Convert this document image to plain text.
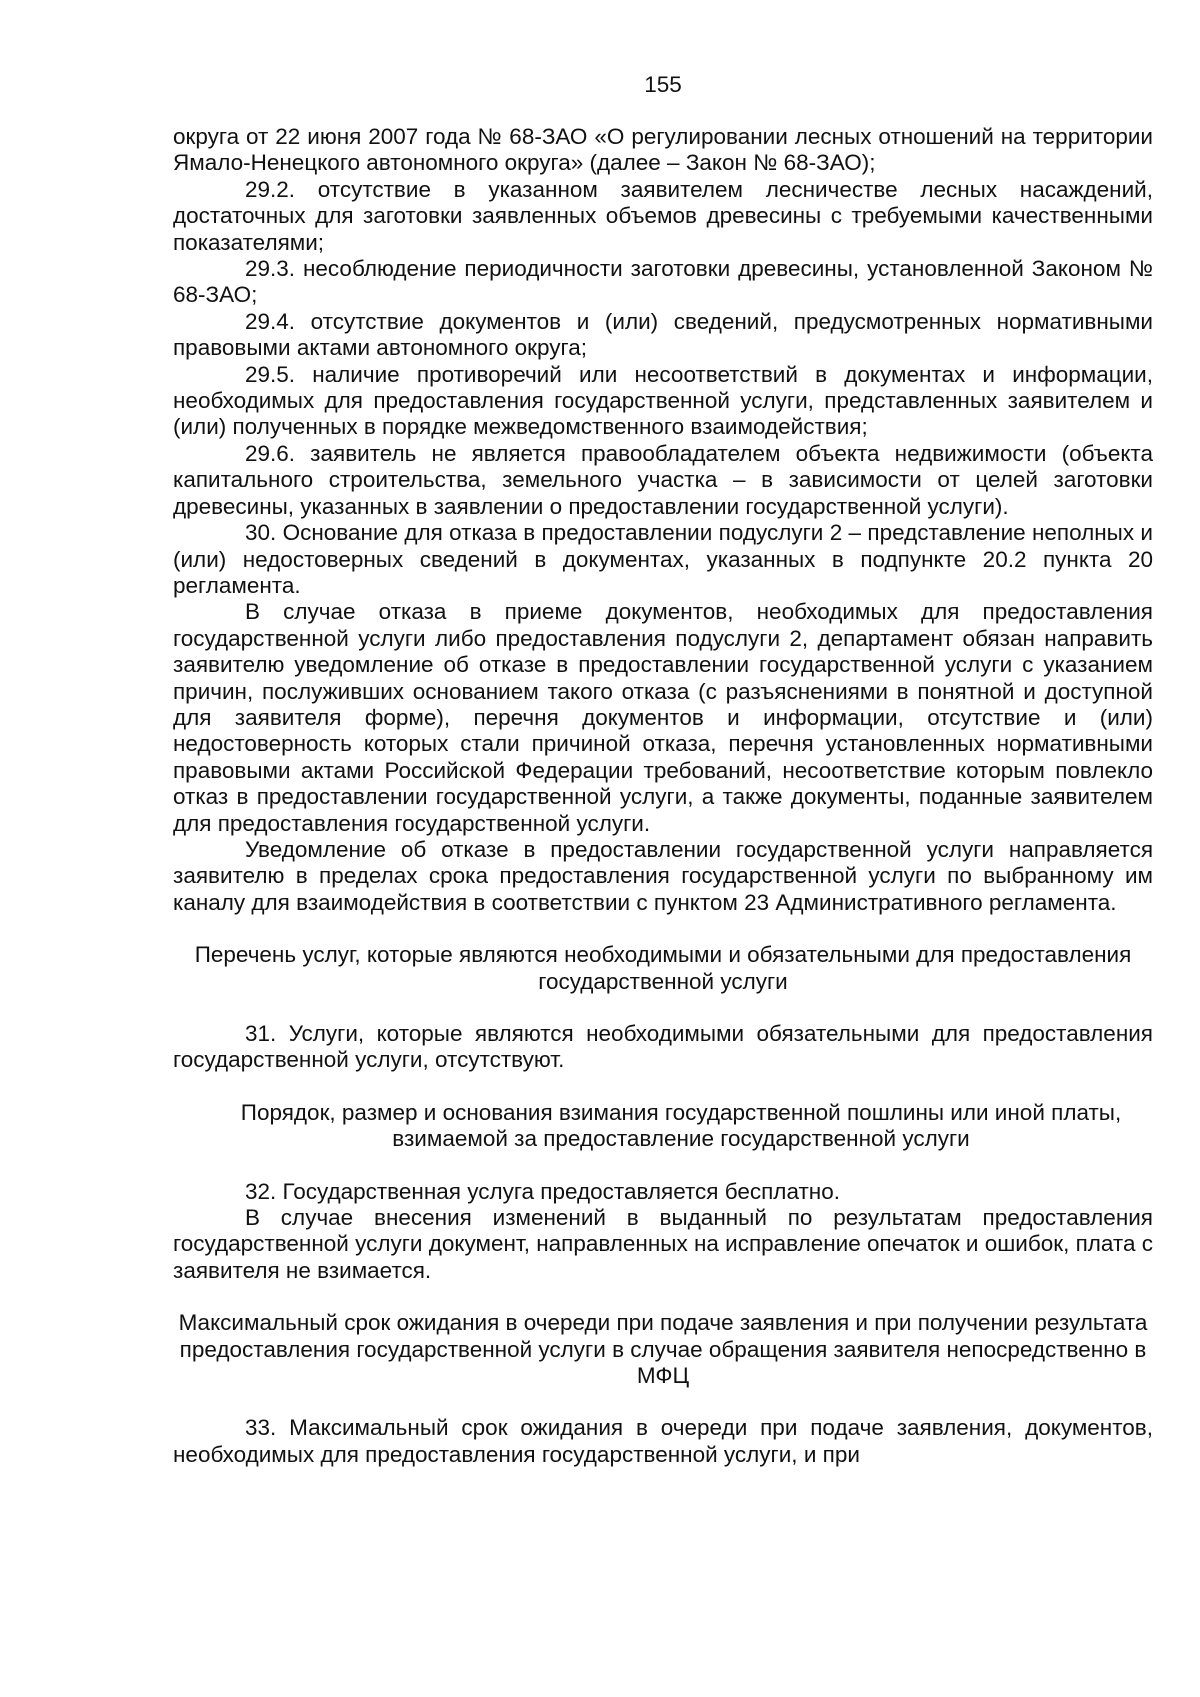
155

округа от 22 июня 2007 года № 68-ЗАО «О регулировании лесных отношений на территории Ямало-Ненецкого автономного округа» (далее – Закон № 68-ЗАО);

29.2. отсутствие в указанном заявителем лесничестве лесных насаждений, достаточных для заготовки заявленных объемов древесины с требуемыми качественными показателями;

29.3. несоблюдение периодичности заготовки древесины, установленной Законом № 68-ЗАО;

29.4. отсутствие документов и (или) сведений, предусмотренных нормативными правовыми актами автономного округа;

29.5. наличие противоречий или несоответствий в документах и информации, необходимых для предоставления государственной услуги, представленных заявителем и (или) полученных в порядке межведомственного взаимодействия;

29.6. заявитель не является правообладателем объекта недвижимости (объекта капитального строительства, земельного участка – в зависимости от целей заготовки древесины, указанных в заявлении о предоставлении государственной услуги).

30. Основание для отказа в предоставлении подуслуги 2 – представление неполных и (или) недостоверных сведений в документах, указанных в подпункте 20.2 пункта 20 регламента.

В случае отказа в приеме документов, необходимых для предоставления государственной услуги либо предоставления подуслуги 2, департамент обязан направить заявителю уведомление об отказе в предоставлении государственной услуги с указанием причин, послуживших основанием такого отказа (с разъяснениями в понятной и доступной для заявителя форме), перечня документов и информации, отсутствие и (или) недостоверность которых стали причиной отказа, перечня установленных нормативными правовыми актами Российской Федерации требований, несоответствие которым повлекло отказ в предоставлении государственной услуги, а также документы, поданные заявителем для предоставления государственной услуги.

Уведомление об отказе в предоставлении государственной услуги направляется заявителю в пределах срока предоставления государственной услуги по выбранному им каналу для взаимодействия в соответствии с пунктом 23 Административного регламента.

Перечень услуг, которые являются необходимыми и обязательными для предоставления государственной услуги

31. Услуги, которые являются необходимыми обязательными для предоставления государственной услуги, отсутствуют.

Порядок, размер и основания взимания государственной пошлины или иной платы, взимаемой за предоставление государственной услуги

32. Государственная услуга предоставляется бесплатно.

В случае внесения изменений в выданный по результатам предоставления государственной услуги документ, направленных на исправление опечаток и ошибок, плата с заявителя не взимается.

Максимальный срок ожидания в очереди при подаче заявления и при получении результата предоставления государственной услуги в случае обращения заявителя непосредственно в МФЦ

33. Максимальный срок ожидания в очереди при подаче заявления, документов, необходимых для предоставления государственной услуги, и при
